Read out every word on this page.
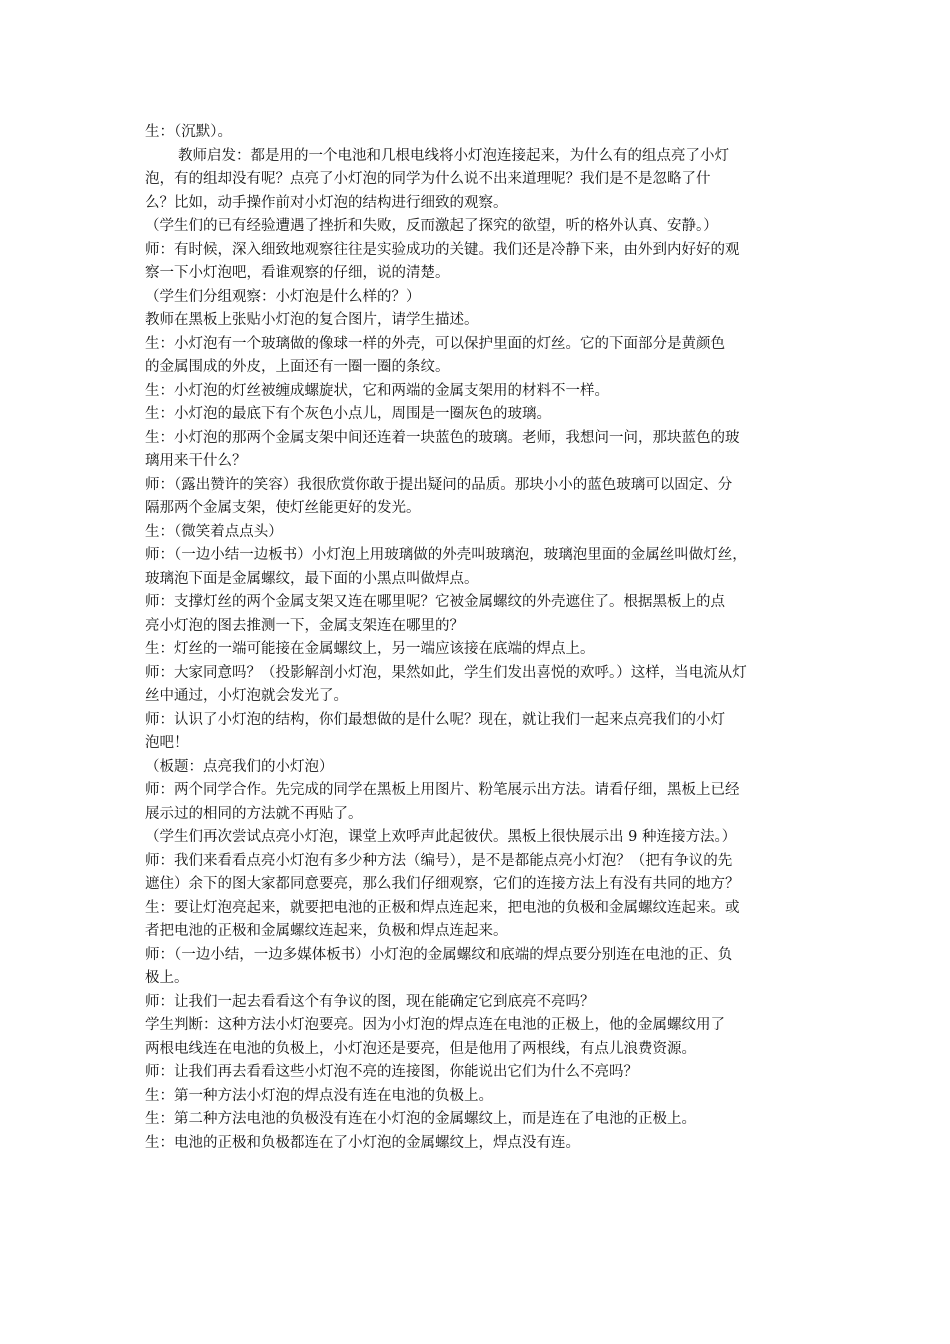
生：（沉默）。

教师启发：都是用的一个电池和几根电线将小灯泡连接起来，为什么有的组点亮了小灯

泡，有的组却没有呢？点亮了小灯泡的同学为什么说不出来道理呢？我们是不是忽略了什

么？比如，动手操作前对小灯泡的结构进行细致的观察。

（学生们的已有经验遭遇了挫折和失败，反而激起了探究的欲望，听的格外认真、安静。）

师：有时候，深入细致地观察往往是实验成功的关键。我们还是冷静下来，由外到内好好的观

察一下小灯泡吧，看谁观察的仔细，说的清楚。

（学生们分组观察：小灯泡是什么样的？）

教师在黑板上张贴小灯泡的复合图片，请学生描述。

生：小灯泡有一个玻璃做的像球一样的外壳，可以保护里面的灯丝。它的下面部分是黄颜色

的金属围成的外皮，上面还有一圈一圈的条纹。

生：小灯泡的灯丝被缠成螺旋状，它和两端的金属支架用的材料不一样。

生：小灯泡的最底下有个灰色小点儿，周围是一圈灰色的玻璃。

生：小灯泡的那两个金属支架中间还连着一块蓝色的玻璃。老师，我想问一问，那块蓝色的玻

璃用来干什么？

师：（露出赞许的笑容）我很欣赏你敢于提出疑问的品质。那块小小的蓝色玻璃可以固定、分

隔那两个金属支架，使灯丝能更好的发光。

生：（微笑着点点头）

师：（一边小结一边板书）小灯泡上用玻璃做的外壳叫玻璃泡，玻璃泡里面的金属丝叫做灯丝，

玻璃泡下面是金属螺纹，最下面的小黑点叫做焊点。

师：支撑灯丝的两个金属支架又连在哪里呢？它被金属螺纹的外壳遮住了。根据黑板上的点

亮小灯泡的图去推测一下，金属支架连在哪里的？

生：灯丝的一端可能接在金属螺纹上，另一端应该接在底端的焊点上。

师：大家同意吗？（投影解剖小灯泡，果然如此，学生们发出喜悦的欢呼。）这样，当电流从灯

丝中通过，小灯泡就会发光了。

师：认识了小灯泡的结构，你们最想做的是什么呢？现在，就让我们一起来点亮我们的小灯

泡吧！

（板题：点亮我们的小灯泡）

师：两个同学合作。先完成的同学在黑板上用图片、粉笔展示出方法。请看仔细，黑板上已经

展示过的相同的方法就不再贴了。

（学生们再次尝试点亮小灯泡，课堂上欢呼声此起彼伏。黑板上很快展示出 9 种连接方法。）

师：我们来看看点亮小灯泡有多少种方法（编号），是不是都能点亮小灯泡？（把有争议的先

遮住）余下的图大家都同意要亮，那么我们仔细观察，它们的连接方法上有没有共同的地方？

生：要让灯泡亮起来，就要把电池的正极和焊点连起来，把电池的负极和金属螺纹连起来。或

者把电池的正极和金属螺纹连起来，负极和焊点连起来。

师：（一边小结，一边多媒体板书）小灯泡的金属螺纹和底端的焊点要分别连在电池的正、负

极上。

师：让我们一起去看看这个有争议的图，现在能确定它到底亮不亮吗？

学生判断：这种方法小灯泡要亮。因为小灯泡的焊点连在电池的正极上，他的金属螺纹用了

两根电线连在电池的负极上，小灯泡还是要亮，但是他用了两根线，有点儿浪费资源。

师：让我们再去看看这些小灯泡不亮的连接图，你能说出它们为什么不亮吗？

生：第一种方法小灯泡的焊点没有连在电池的负极上。

生：第二种方法电池的负极没有连在小灯泡的金属螺纹上，而是连在了电池的正极上。

生：电池的正极和负极都连在了小灯泡的金属螺纹上，焊点没有连。
